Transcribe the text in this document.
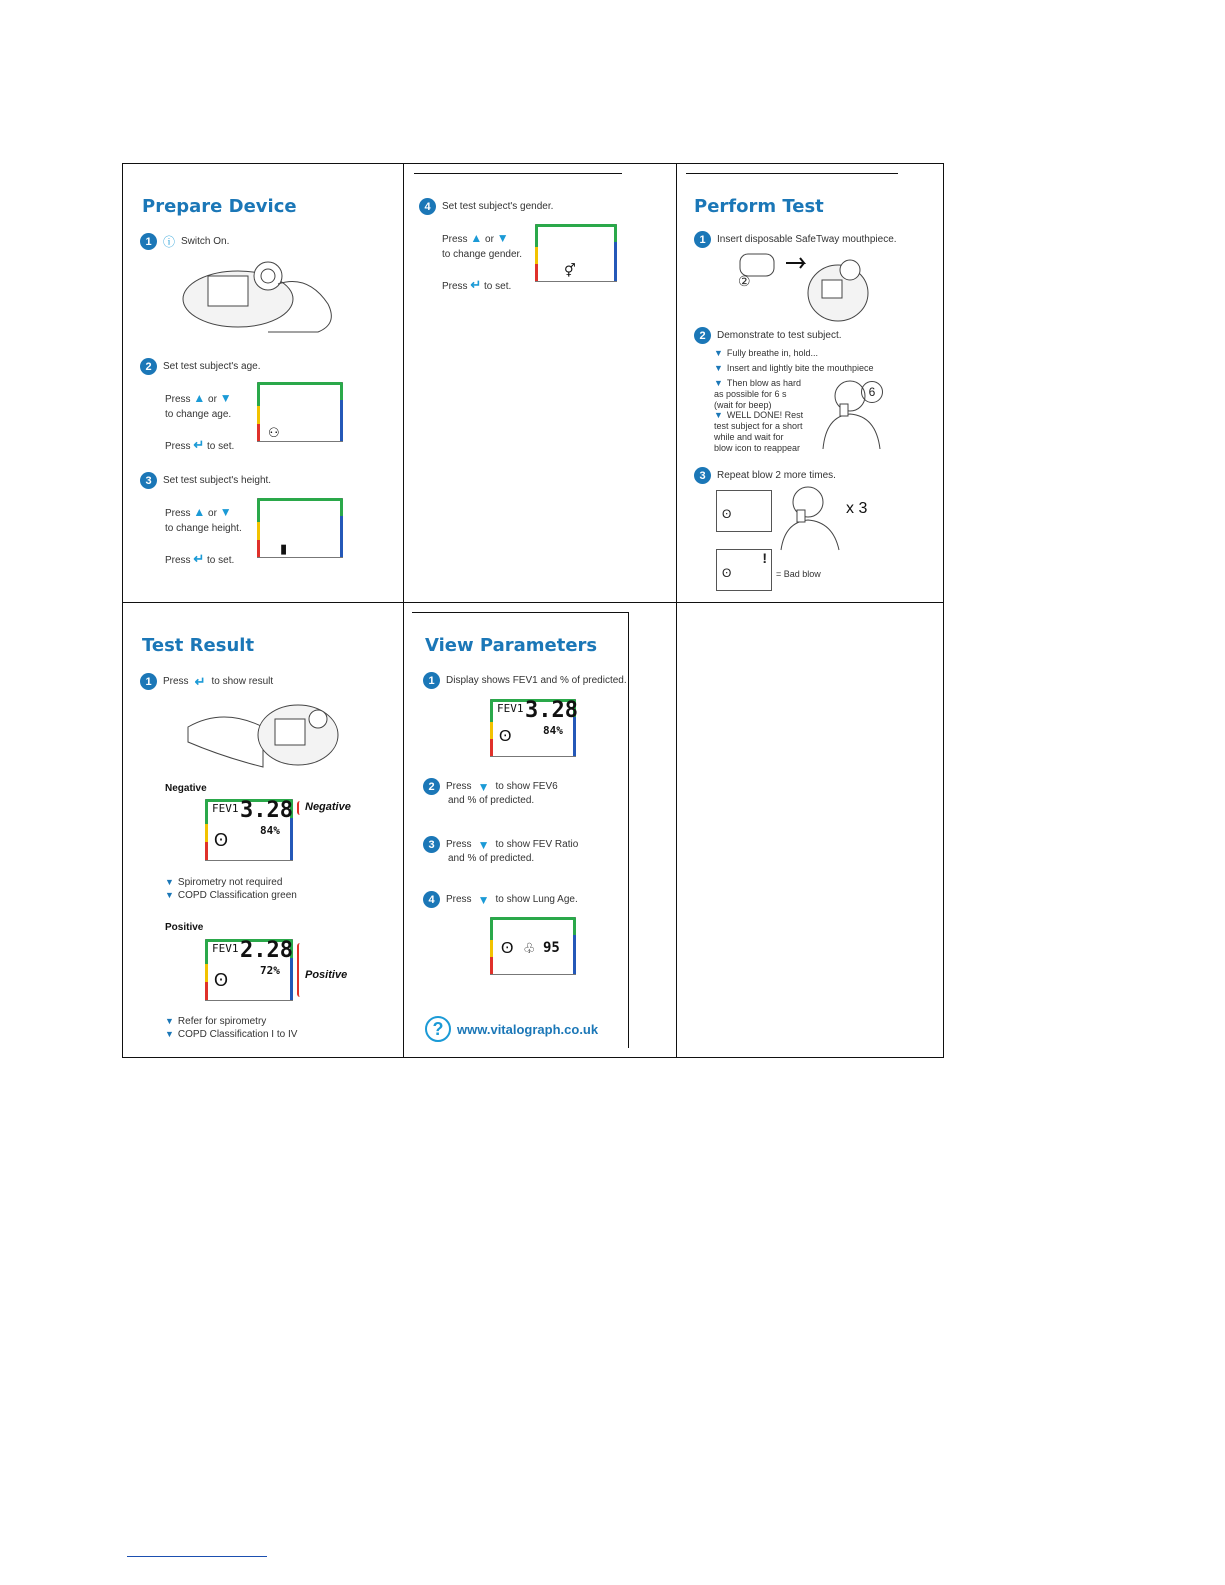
Prepare Device
1 ⓘ Switch On.
2	Set test subject's age.
Press ▲ or ▼
to change age.

Press ↵ to set.
⚇
3	Set test subject's height.
Press ▲ or ▼
to change height.

Press ↵ to set.
▮
4	Set test subject's gender.
Press ▲ or ▼
to change gender.

Press ↵ to set.
⚥
Perform Test
1	Insert disposable SafeTway mouthpiece.
②
2	Demonstrate to test subject.
▼ Fully breathe in, hold...
▼ Insert and lightly bite the mouthpiece
▼ Then blow as hard as possible for 6 s (wait for beep)
▼ WELL DONE! Rest test subject for a short while and wait for blow icon to reappear
6
3	Repeat blow 2 more times.
ʘ	x 3
ʘ
!
= Bad blow
Test Result
1	Press ↵ to show result
Negative
FEV1 3.28
84%
ʘ
Negative
▼ Spirometry not required
▼ COPD Classification green
Positive
FEV1 2.28
72%
ʘ	Positive
▼ Refer for spirometry
▼ COPD Classification I to IV
View Parameters
1	Display shows FEV1 and % of predicted.
FEV1 3.28
84%
ʘ
2	Press ▼ to show FEV6
and % of predicted.
3	Press ▼ to show FEV Ratio
and % of predicted.
4	Press ▼ to show Lung Age.
ʘ ♧ 95
?	www.vitalograph.co.uk
